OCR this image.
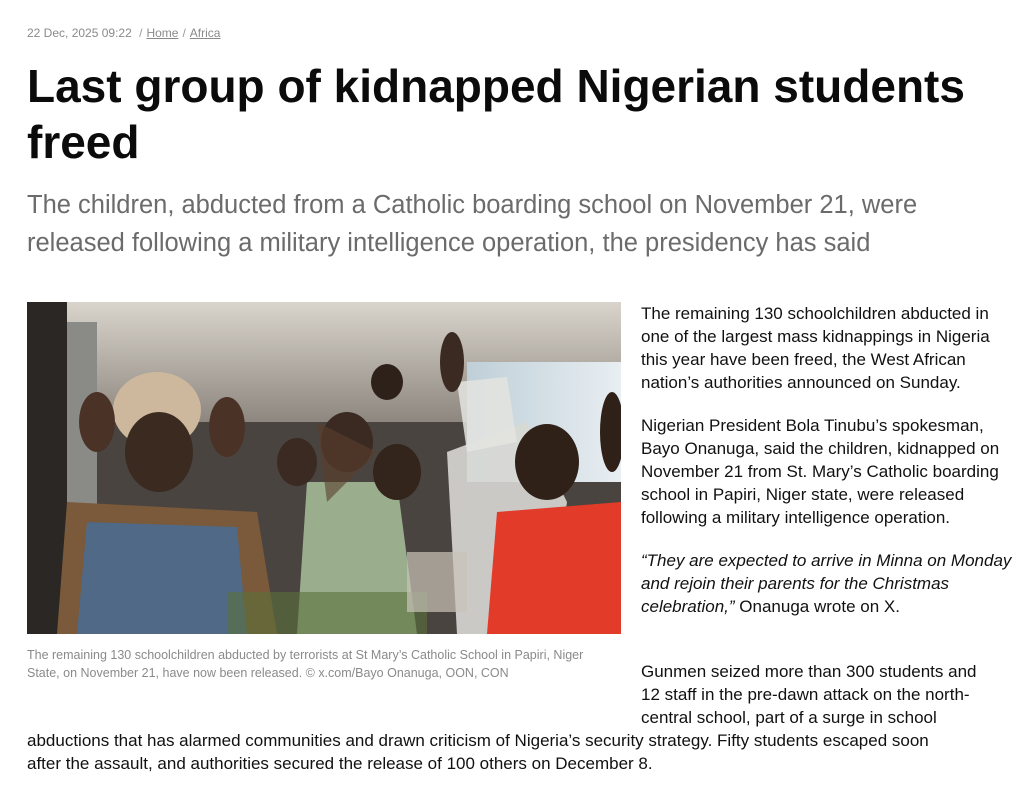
22 Dec, 2025 09:22 / Home / Africa
Last group of kidnapped Nigerian students freed

The children, abducted from a Catholic boarding school on November 21, were released following a military intelligence operation, the presidency has said

The remaining 130 schoolchildren abducted by terrorists at St Mary’s Catholic School in Papiri, Niger State, on November 21, have now been released. © x.com/Bayo Onanuga, OON, CON

The remaining 130 schoolchildren abducted in one of the largest mass kidnappings in Nigeria this year have been freed, the West African nation’s authorities announced on Sunday.

Nigerian President Bola Tinubu’s spokesman, Bayo Onanuga, said the children, kidnapped on November 21 from St. Mary’s Catholic boarding school in Papiri, Niger state, were released following a military intelligence operation.

“They are expected to arrive in Minna on Monday and rejoin their parents for the Christmas celebration,” Onanuga wrote on X.

Gunmen seized more than 300 students and
12 staff in the pre-dawn attack on the north-
central school, part of a surge in school
abductions that has alarmed communities and drawn criticism of Nigeria’s security strategy. Fifty students escaped soon
after the assault, and authorities secured the release of 100 others on December 8.
